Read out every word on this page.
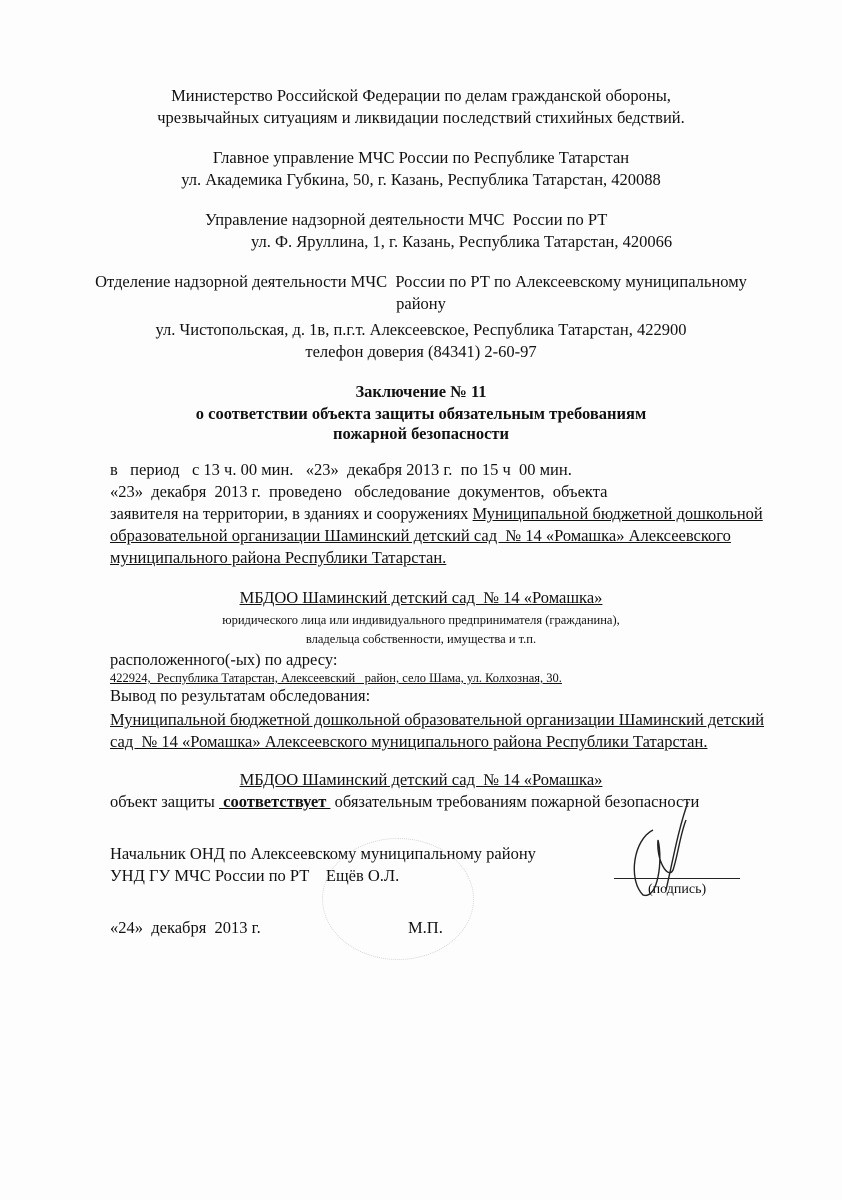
Министерство Российской Федерации по делам гражданской обороны,
чрезвычайных ситуациям и ликвидации последствий стихийных бедствий.
Главное управление МЧС России по Республике Татарстан
ул. Академика Губкина, 50, г. Казань, Республика Татарстан, 420088
Управление надзорной деятельности МЧС  России по РТ
ул. Ф. Яруллина, 1, г. Казань, Республика Татарстан, 420066
Отделение надзорной деятельности МЧС  России по РТ по Алексеевскому муниципальному
району
ул. Чистопольская, д. 1в, п.г.т. Алексеевское, Республика Татарстан, 422900
телефон доверия (84341) 2-60-97
Заключение № 11
о соответствии объекта защиты обязательным требованиям
пожарной безопасности
в   период   с 13 ч. 00 мин.   «23»  декабря 2013 г.  по 15 ч  00 мин.
«23»  декабря  2013 г.  проведено   обследование  документов,  объекта
заявителя на территории, в зданиях и сооружениях Муниципальной бюджетной дошкольной
образовательной организации Шаминский детский сад  № 14 «Ромашка» Алексеевского
муниципального района Республики Татарстан.
МБДОО Шаминский детский сад  № 14 «Ромашка»
юридического лица или индивидуального предпринимателя (гражданина),
владельца собственности, имущества и т.п.
расположенного(-ых) по адресу:
422924,  Республика Татарстан, Алексеевский   район, село Шама, ул. Колхозная, 30.
Вывод по результатам обследования:
Муниципальной бюджетной дошкольной образовательной организации Шаминский детский
сад  № 14 «Ромашка» Алексеевского муниципального района Республики Татарстан.
МБДОО Шаминский детский сад  № 14 «Ромашка»
объект защиты  соответствует  обязательным требованиям пожарной безопасности
Начальник ОНД по Алексеевскому муниципальному району
УНД ГУ МЧС России по РТ    Ещёв О.Л.
(подпись)
«24»  декабря  2013 г.	М.П.
